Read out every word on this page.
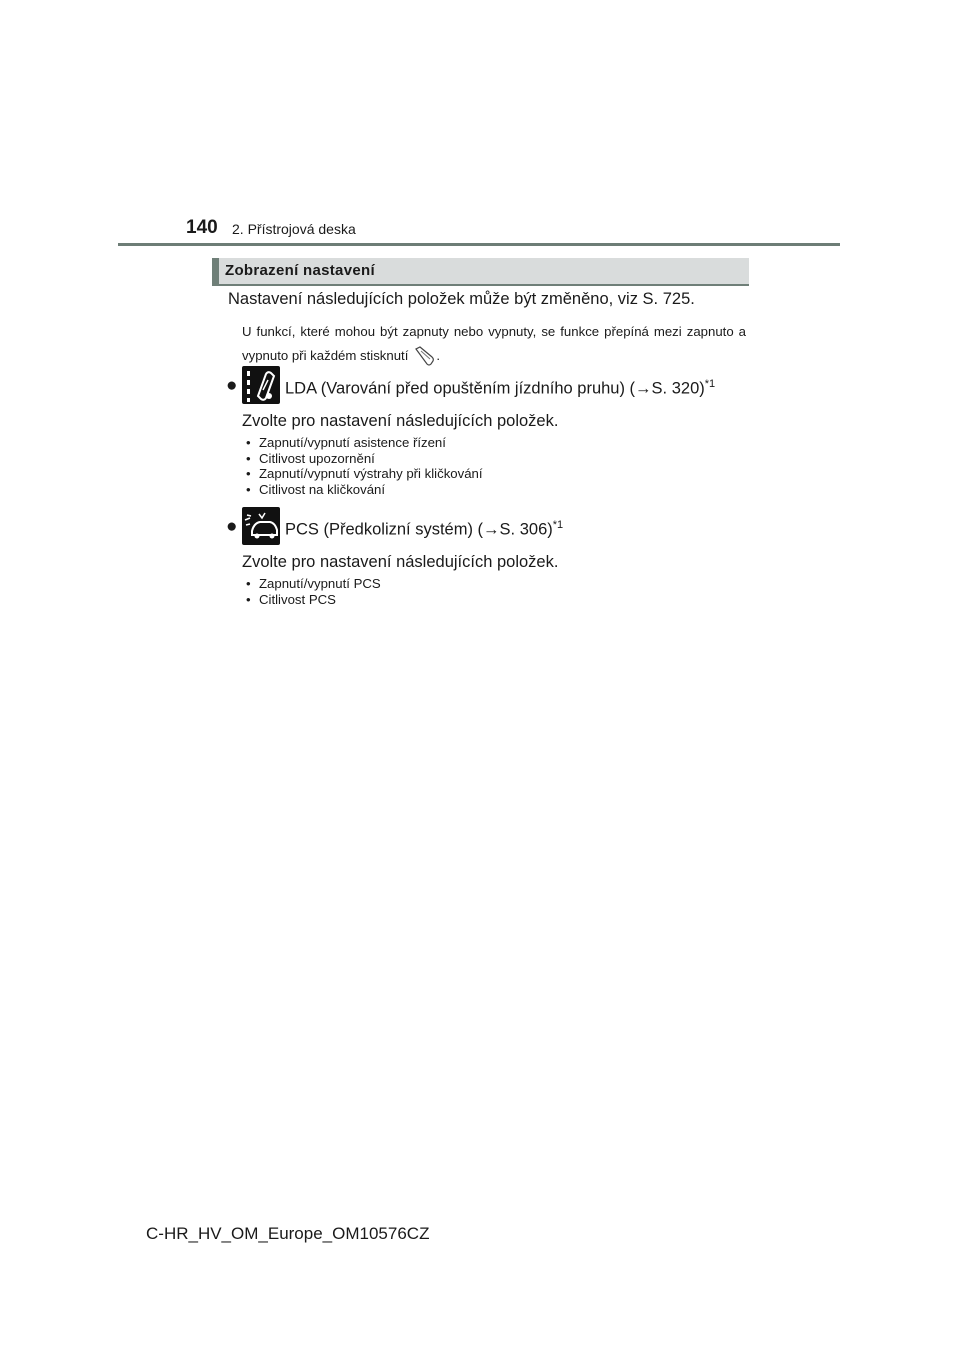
140 2. Přístrojová deska
Zobrazení nastavení
Nastavení následujících položek může být změněno, viz S. 725.
U funkcí, které mohou být zapnuty nebo vypnuty, se funkce přepíná mezi zapnuto a vypnuto při každém stisknutí .
●	LDA (Varování před opuštěním jízdního pruhu) (→S. 320)$^{*1}$
Zvolte pro nastavení následujících položek.
• Zapnutí/vypnutí asistence řízení
• Citlivost upozornění
• Zapnutí/vypnutí výstrahy při kličkování
• Citlivost na kličkování
●	PCS (Předkolizní systém) (→S. 306)$^{*1}$
Zvolte pro nastavení následujících položek.
• Zapnutí/vypnutí PCS
• Citlivost PCS
C-HR_HV_OM_Europe_OM10576CZ
